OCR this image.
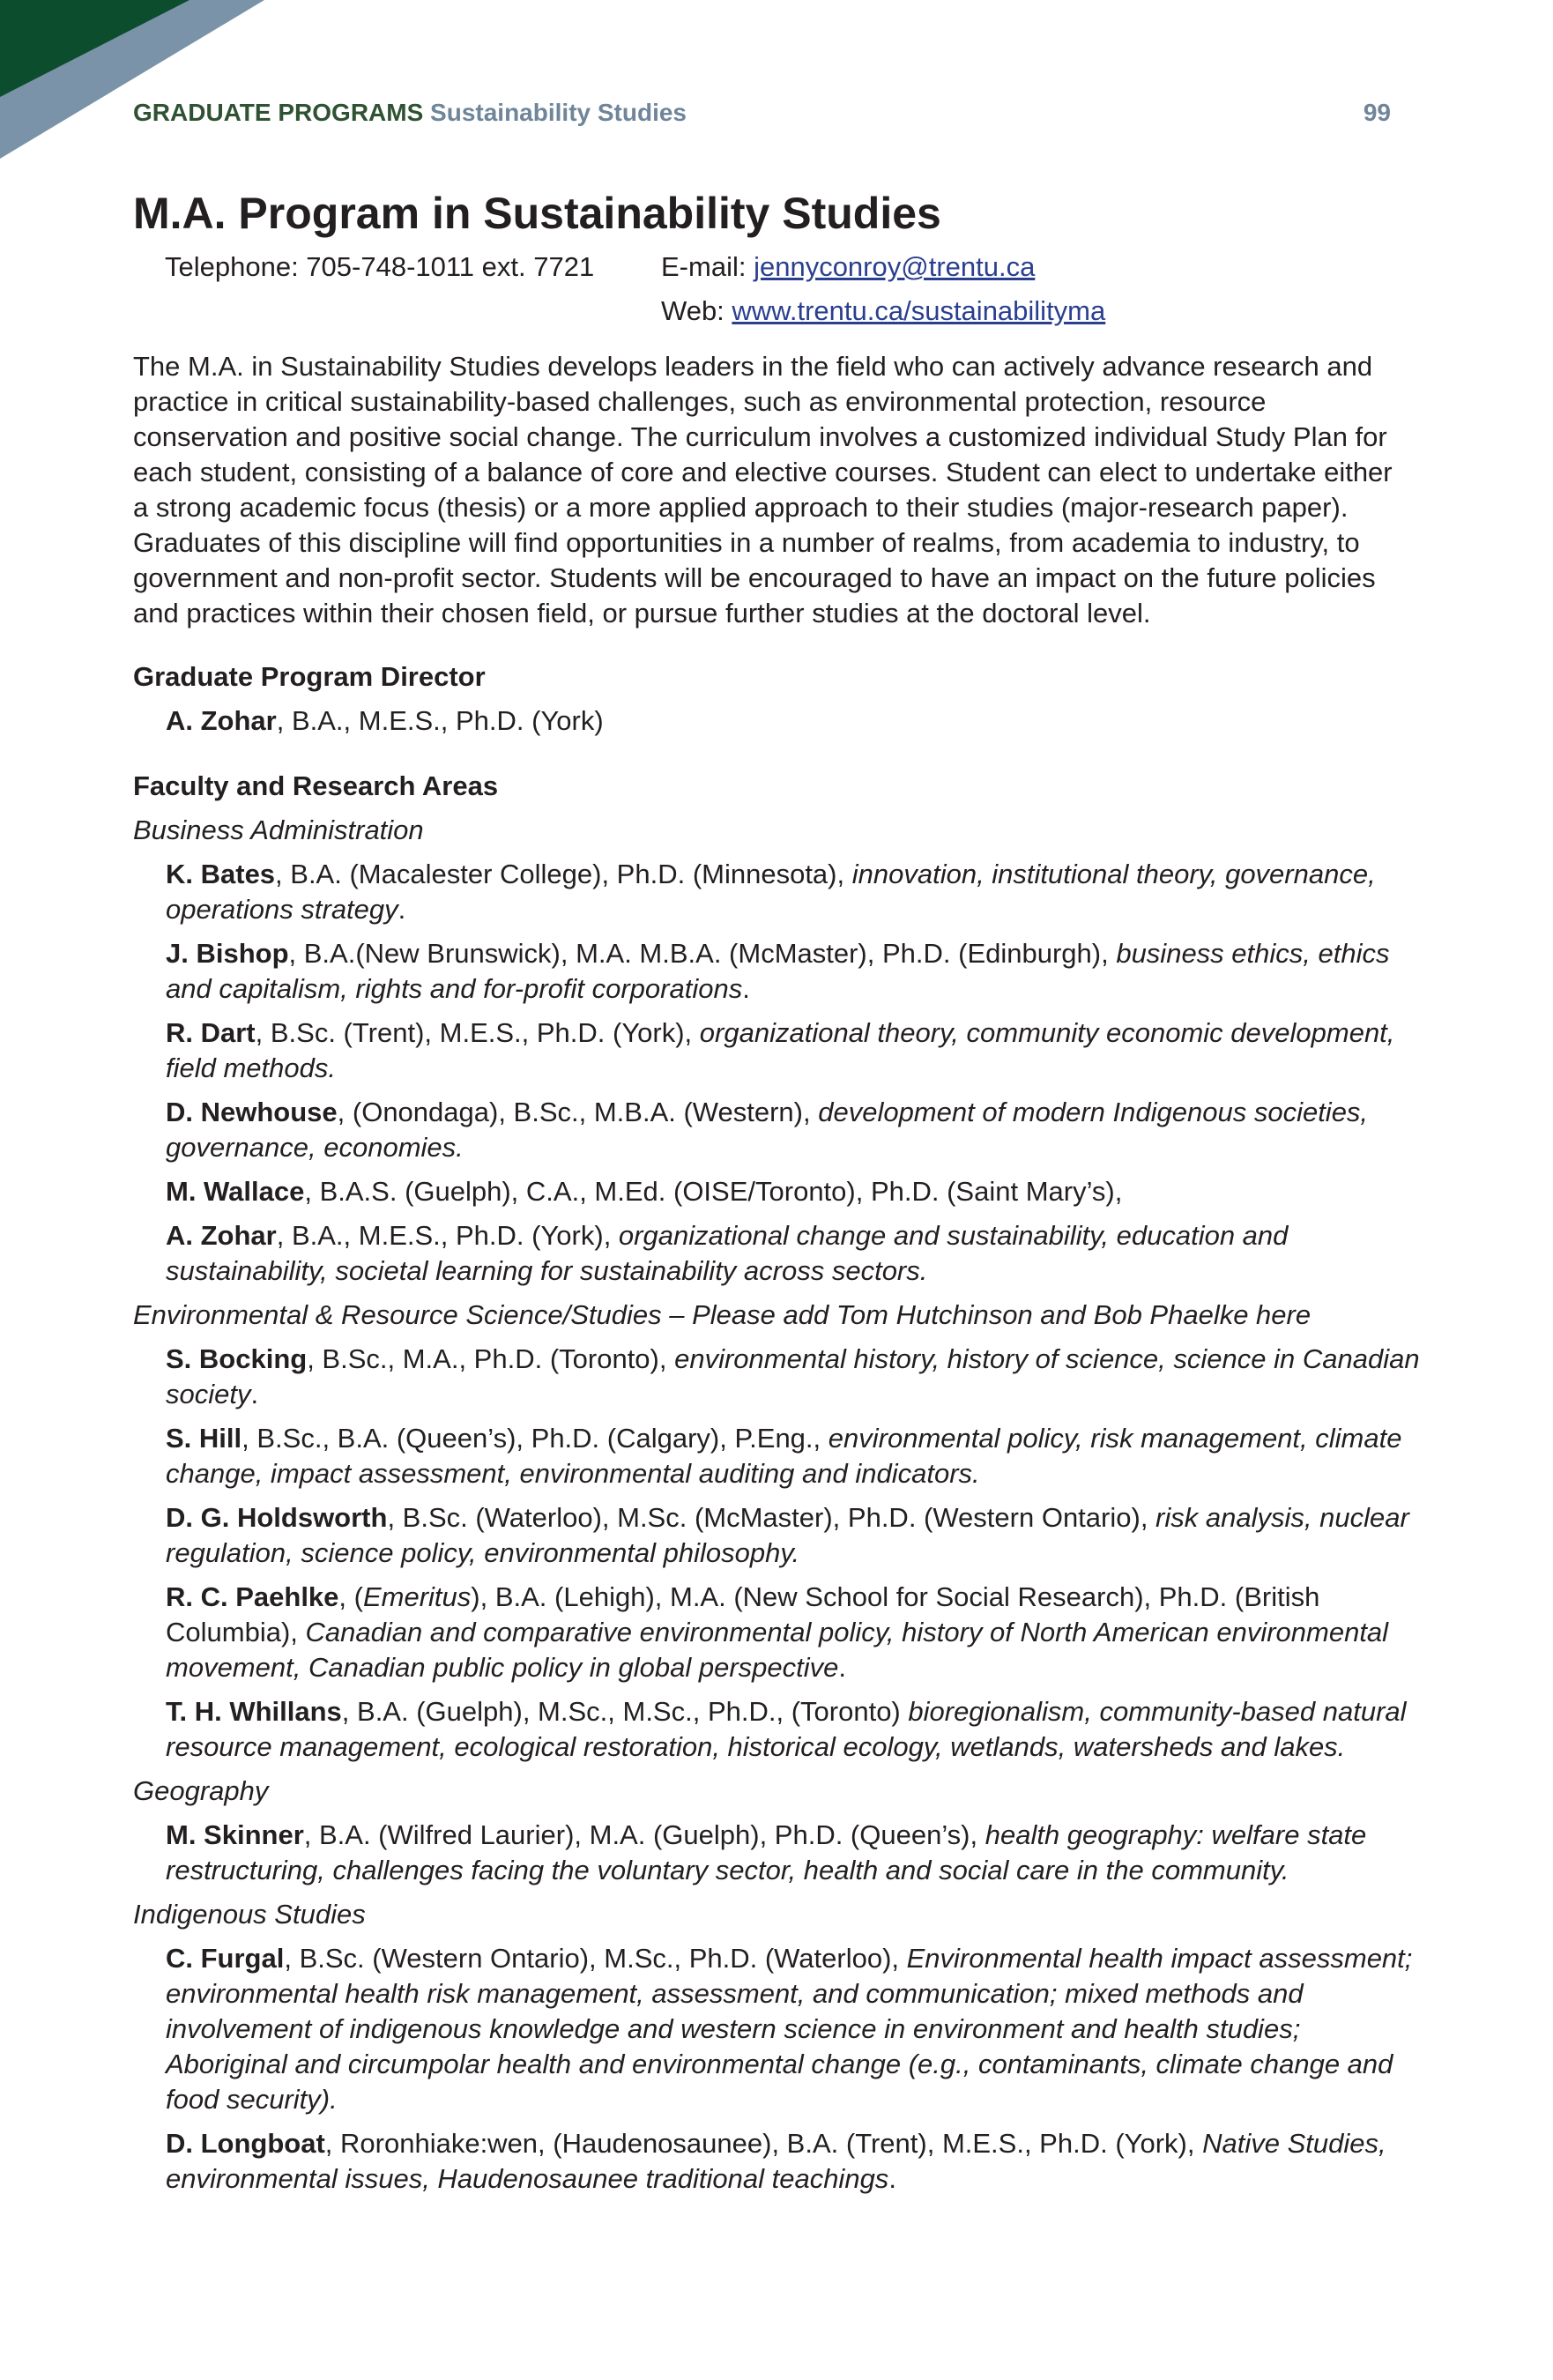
GRADUATE PROGRAMS Sustainability Studies	99
M.A. Program in Sustainability Studies
Telephone: 705-748-1011 ext. 7721 E-mail: jennyconroy@trentu.ca
Web: www.trentu.ca/sustainabilityma

The M.A. in Sustainability Studies develops leaders in the field who can actively advance research and practice in critical sustainability-based challenges, such as environmental protection, resource conservation and positive social change. The curriculum involves a customized individual Study Plan for each student, consisting of a balance of core and elective courses. Student can elect to undertake either a strong academic focus (thesis) or a more applied approach to their studies (major-research paper). Graduates of this discipline will find opportunities in a number of realms, from academia to industry, to government and non-profit sector. Students will be encouraged to have an impact on the future policies and practices within their chosen field, or pursue further studies at the doctoral level.

Graduate Program Director
A. Zohar, B.A., M.E.S., Ph.D. (York)
Faculty and Research Areas
Business Administration
K. Bates, B.A. (Macalester College), Ph.D. (Minnesota), innovation, institutional theory, governance, operations strategy.
J. Bishop, B.A.(New Brunswick), M.A. M.B.A. (McMaster), Ph.D. (Edinburgh), business ethics, ethics and capitalism, rights and for-profit corporations.
R. Dart, B.Sc. (Trent), M.E.S., Ph.D. (York), organizational theory, community economic development, field methods.
D. Newhouse, (Onondaga), B.Sc., M.B.A. (Western), development of modern Indigenous societies, governance, economies.
M. Wallace, B.A.S. (Guelph), C.A., M.Ed. (OISE/Toronto), Ph.D. (Saint Mary’s),
A. Zohar, B.A., M.E.S., Ph.D. (York), organizational change and sustainability, education and sustainability, societal learning for sustainability across sectors.
Environmental & Resource Science/Studies – Please add Tom Hutchinson and Bob Phaelke here
S. Bocking, B.Sc., M.A., Ph.D. (Toronto), environmental history, history of science, science in Canadian society.
S. Hill, B.Sc., B.A. (Queen’s), Ph.D. (Calgary), P.Eng., environmental policy, risk management, climate change, impact assessment, environmental auditing and indicators.
D. G. Holdsworth, B.Sc. (Waterloo), M.Sc. (McMaster), Ph.D. (Western Ontario), risk analysis, nuclear regulation, science policy, environmental philosophy.
R. C. Paehlke, (Emeritus), B.A. (Lehigh), M.A. (New School for Social Research), Ph.D. (British Columbia), Canadian and comparative environmental policy, history of North American environmental movement, Canadian public policy in global perspective.
T. H. Whillans, B.A. (Guelph), M.Sc., M.Sc., Ph.D., (Toronto) bioregionalism, community-based natural resource management, ecological restoration, historical ecology, wetlands, watersheds and lakes.
Geography
M. Skinner, B.A. (Wilfred Laurier), M.A. (Guelph), Ph.D. (Queen’s), health geography: welfare state restructuring, challenges facing the voluntary sector, health and social care in the community.
Indigenous Studies
C. Furgal, B.Sc. (Western Ontario), M.Sc., Ph.D. (Waterloo), Environmental health impact assessment; environmental health risk management, assessment, and communication; mixed methods and involvement of indigenous knowledge and western science in environment and health studies; Aboriginal and circumpolar health and environmental change (e.g., contaminants, climate change and food security).
D. Longboat, Roronhiake:wen, (Haudenosaunee), B.A. (Trent), M.E.S., Ph.D. (York), Native Studies, environmental issues, Haudenosaunee traditional teachings.
